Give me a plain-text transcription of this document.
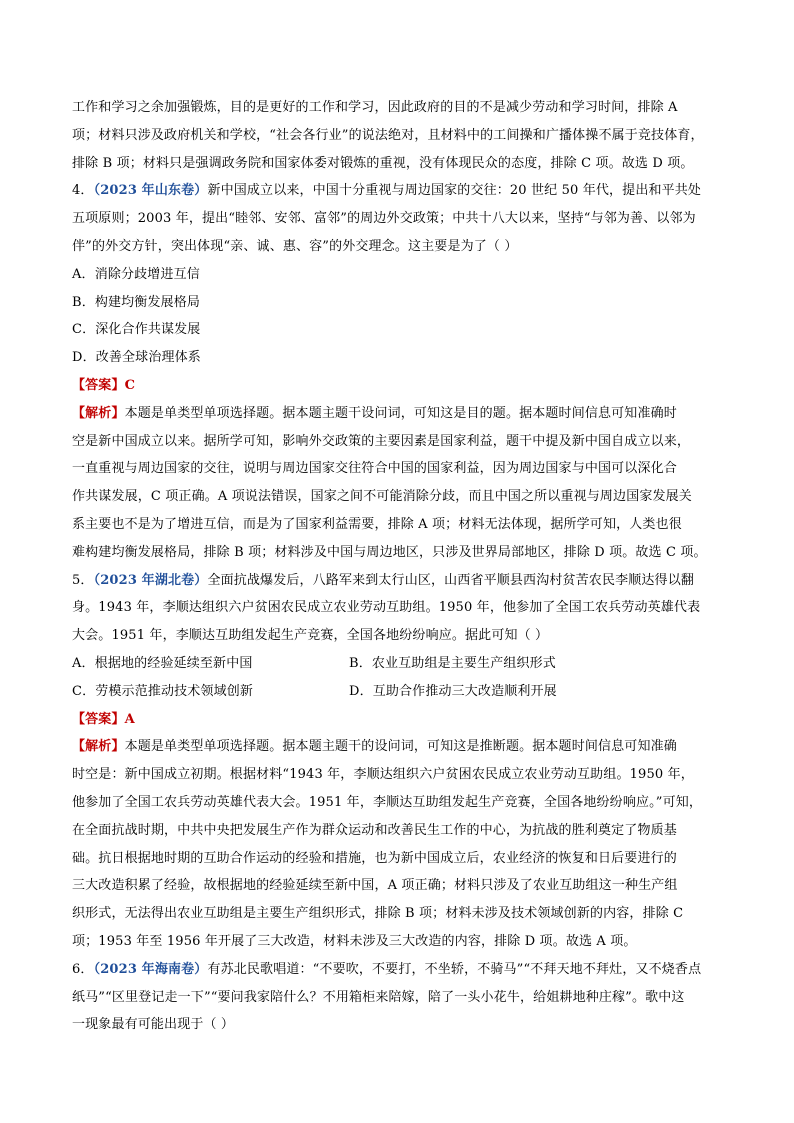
工作和学习之余加强锻炼，目的是更好的工作和学习，因此政府的目的不是减少劳动和学习时间，排除 A

项；材料只涉及政府机关和学校，“社会各行业”的说法绝对，且材料中的工间操和广播体操不属于竞技体育，

排除 B 项；材料只是强调政务院和国家体委对锻炼的重视，没有体现民众的态度，排除 C 项。故选 D 项。

4．（2023 年山东卷）新中国成立以来，中国十分重视与周边国家的交往：20 世纪 50 年代，提出和平共处

五项原则；2003 年，提出“睦邻、安邻、富邻”的周边外交政策；中共十八大以来，坚持“与邻为善、以邻为

伴”的外交方针，突出体现“亲、诚、惠、容”的外交理念。这主要是为了（ ）

A．消除分歧增进互信

B．构建均衡发展格局

C．深化合作共谋发展

D．改善全球治理体系

【答案】C

【解析】本题是单类型单项选择题。据本题主题干设问词，可知这是目的题。据本题时间信息可知准确时

空是新中国成立以来。据所学可知，影响外交政策的主要因素是国家利益，题干中提及新中国自成立以来，

一直重视与周边国家的交往，说明与周边国家交往符合中国的国家利益，因为周边国家与中国可以深化合

作共谋发展，C 项正确。A 项说法错误，国家之间不可能消除分歧，而且中国之所以重视与周边国家发展关

系主要也不是为了增进互信，而是为了国家利益需要，排除 A 项；材料无法体现，据所学可知，人类也很

难构建均衡发展格局，排除 B 项；材料涉及中国与周边地区，只涉及世界局部地区，排除 D 项。故选 C 项。

5．（2023 年湖北卷）全面抗战爆发后，八路军来到太行山区，山西省平顺县西沟村贫苦农民李顺达得以翻

身。1943 年，李顺达组织六户贫困农民成立农业劳动互助组。1950 年，他参加了全国工农兵劳动英雄代表

大会。1951 年，李顺达互助组发起生产竞赛，全国各地纷纷响应。据此可知（ ）

A．根据地的经验延续至新中国	B．农业互助组是主要生产组织形式
C．劳模示范推动技术领域创新	D．互助合作推动三大改造顺利开展

【答案】A

【解析】本题是单类型单项选择题。据本题主题干的设问词，可知这是推断题。据本题时间信息可知准确

时空是：新中国成立初期。根据材料“1943 年，李顺达组织六户贫困农民成立农业劳动互助组。1950 年，

他参加了全国工农兵劳动英雄代表大会。1951 年，李顺达互助组发起生产竞赛，全国各地纷纷响应。”可知，

在全面抗战时期，中共中央把发展生产作为群众运动和改善民生工作的中心，为抗战的胜利奠定了物质基

础。抗日根据地时期的互助合作运动的经验和措施，也为新中国成立后，农业经济的恢复和日后要进行的

三大改造积累了经验，故根据地的经验延续至新中国，A 项正确；材料只涉及了农业互助组这一种生产组

织形式，无法得出农业互助组是主要生产组织形式，排除 B 项；材料未涉及技术领域创新的内容，排除 C

项；1953 年至 1956 年开展了三大改造，材料未涉及三大改造的内容，排除 D 项。故选 A 项。

6．（2023 年海南卷）有苏北民歌唱道：“不要吹，不要打，不坐轿，不骑马”“不拜天地不拜灶，又不烧香点

纸马”“区里登记走一下”“要问我家陪什么？不用箱柜来陪嫁，陪了一头小花牛，给姐耕地种庄稼”。歌中这

一现象最有可能出现于（ ）
